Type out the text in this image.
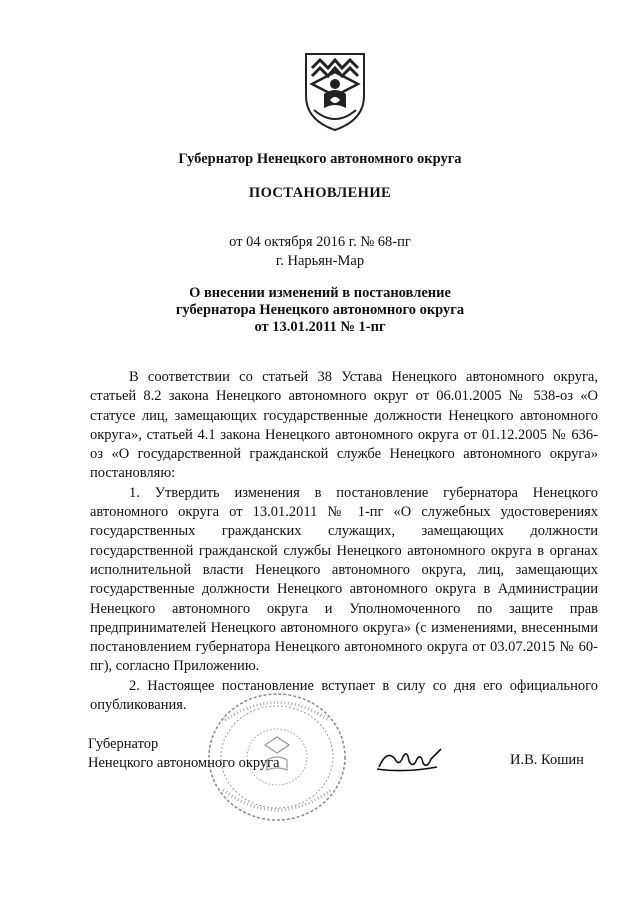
Губернатор Ненецкого автономного округа
ПОСТАНОВЛЕНИЕ
от 04 октября 2016 г. № 68-пг
г. Нарьян-Мар
О внесении изменений в постановление
губернатора Ненецкого автономного округа
от 13.01.2011 № 1-пг

В соответствии со статьей 38 Устава Ненецкого автономного округа, статьей 8.2 закона Ненецкого автономного округ от 06.01.2005 № 538-оз «О статусе лиц, замещающих государственные должности Ненецкого автономного округа», статьей 4.1 закона Ненецкого автономного округа от 01.12.2005 № 636-оз «О государственной гражданской службе Ненецкого автономного округа» постановляю:

1. Утвердить изменения в постановление губернатора Ненецкого автономного округа от 13.01.2011 № 1-пг «О служебных удостоверениях государственных гражданских служащих, замещающих должности государственной гражданской службы Ненецкого автономного округа в органах исполнительной власти Ненецкого автономного округа, лиц, замещающих государственные должности Ненецкого автономного округа в Администрации Ненецкого автономного округа и Уполномоченного по защите прав предпринимателей Ненецкого автономного округа» (с изменениями, внесенными постановлением губернатора Ненецкого автономного округа от 03.07.2015 № 60-пг), согласно Приложению.

2. Настоящее постановление вступает в силу со дня его официального опубликования.

Губернатор
Ненецкого автономного округа	И.В. Кошин
